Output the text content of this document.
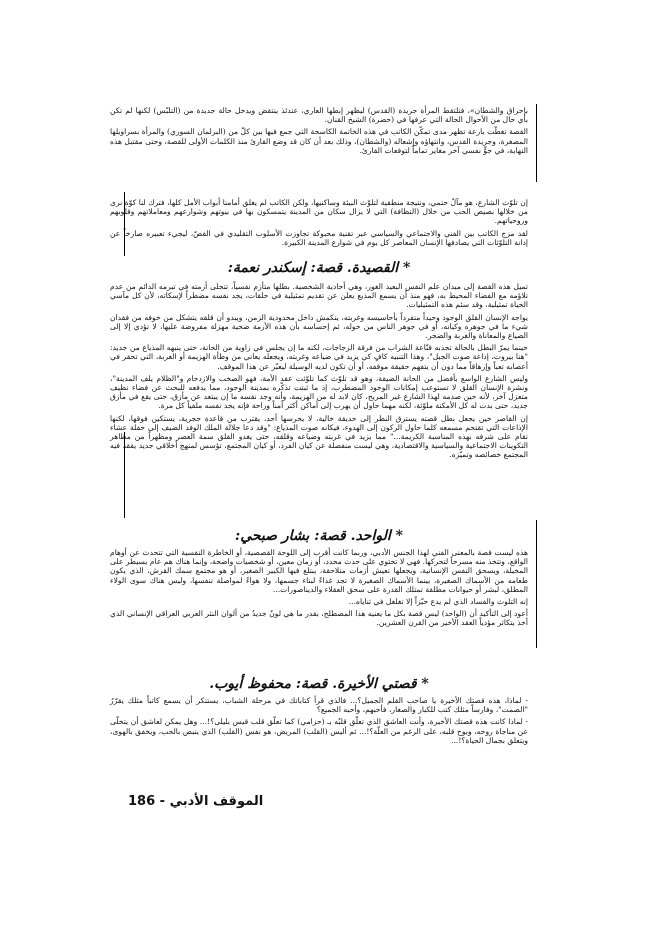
بإحراق والشطان»، فتلتقط المرأة جريدة (القدس) ليظهر إبطها العاري، عندئذ ينتقض ويدخل حالة جديدة من (التلبّس) لكنها لم تكن بأي حال من الأحوال الحالة التي عرفها في (حضرة) الشيخ القنان.

القصة تغطّت بارعة تظهر مدى تمكّن الكاتب في هذه الخاتمة الكاسحة التي جمع فيها بين كلّ من (البرلمان السوري) والمرأة بسراويلها المصغرة، وجريدة القدس، وانتهاؤه وإشعاله (والشطان)، وذلك بعد أن كان قد وضع القارئ منذ الكلمات الأولى للقصة، وحتى مقتبل هذه النهاية، في جوٍّ نفسي آخر مغاير تماماً لتوقعات القارئ.

إن تلوّث الشارع، هو مآلٌ حتمي، ونتيجة منطقية لتلوّث البيئة وساكنيها، ولكن الكاتب لم يغلق أمامنا أبواب الأمل كلها، فترك لنا كوّة نرى من خلالها بصيص الحب من خلال (النظافة) التي لا يزال سكان من المدينة يتمسكون بها في بيوتهم وشوارعهم ومعاملاتهم وقلوبهم وروحياتهم.

لقد مزج الكاتب بين الفني والاجتماعي والسياسي عبر تقنية محبوكة تجاوزت الأسلوب التقليدي في القصّ، ليجيء تعبيره صارخاً عن إدانة التلوّثات التي يصادفها الإنسان المعاصر كل يوم في شوارع المدينة الكبيرة.

* القصيدة. قصة: إسكندر نعمة:

تميل هذه القصة إلى ميدان علم النفس البعيد الغور، وهي أحادية الشخصية. بطلها متأزم نفسياً، تتجلى أزمته في تبرمه الدائم من عدم تلاؤمه مع الفضاء المحيط به، فهو منذ أن يسمع المذيع يعلن عن تقديم تمثيلية في حلقات، يجد نفسه مضطراً لإسكاته، لأن كل مآسي الحياة تمثيلية، وقد سئم هذه التمثيليات.

يواجه الإنسان القلق الوجود وحيداً متفرداً بأحاسيسه وغربته، ينكمش داخل محدودية الزمن، ويبدو أن قلقه يتشكل من خوفه من فقدان شيء ما في جوهره وكيانه، أو في جوهر الناس من حوله، ثم إحساسه بأن هذه الأزمة ضحية مهزلة مفروضة عليها، لا تؤدي إلا إلى الضياع والمعاناة والغربة والضجر.

حينما يمرّ البطل بالحالة تجذبه قنّاعة الشراب من فرقة الزجاجات، لكنه ما إن يجلس في زاوية من الحانة، حتى ينبهه المذياع من جديد: "هنا بيروت، إذاعة صوت الجبل"، وهذا التنبيه كافٍ كي يزيد في ضياعه وغربته، ويجعله يعاني من وطأة الهزيمة أو الغربة، التي تحفر في أعصابه تعباً وإرهاقاً مما دون أن يتفهم حقيقة موقفه، أو أن تكون لديه الوسيلة ليعبّر عن هذا الموقف.

وليس الشارع الواسع بأفضل من الحانة الضيقة، وهو قد تلوّث كما تلوّثت عقد الأمة، فهو الصخب والازدحام و"الظلام يلف المدينة"، ونشرة الإنسان القلق لا تستوعب إمكانات الوجود المضطرب، إذ ما ثبتت تذكّره بمدينة الوجود، مما يدفعه للبحث عن فضاء نظيف متعزل آخر، لأنه حين صدمه لهذا الشارع غير المريح، كان لابد له من الهزيمة، وأنه وجد نفسه ما إن يبتعد عن مأزق، حتى يقع في مأزق جديد، حتى بدت له كل الأمكنة ملوّثة، لكنه مهما حاول أن يهرب إلى أماكن أكثر أمناً وراحة فإنه يجد نفسه ملفياً كل مرة.

إن القاصر حين يجعل بطل قصته يسترق النظر إلى حديقة خالية، لا يحرسها أحد، يقترب من قاعدة حجرية، يستكين فوقها، لكنها الإذاعات التي تقتحم مسمعه كلما حاول الركون إلى الهدوء، فيكانه صوت المذياع: "وقد دعا جلالة الملك الوفد الضيف إلى حفلة عشاء تقام على شرفه بهذه المناسبة الكريمة..." مما يزيد في غربته وضياعه وقلقه، حتى يغدو القلق سمة العصر ومظهراً من مظاهر التكوينات الاجتماعية والسياسية والاقتصادية، وهي ليست منفصلة عن كيان الفرد، أو كيان المجتمع، تؤسس لمنهج أخلاقي جديد يفقد فيه المجتمع خصائصه وتميّزه.

* الواحد. قصة: بشار صبحي:

هذه ليست قصة بالمعنى الفني لهذا الجنس الأدبي، وربما كانت أقرب إلى اللوحة القصصية، أو الخاطرة النفسية التي تتحدث عن أوهام الواقع، وتتخذ منه مسرحاً لتحركها. فهي لا تحتوي على حدث محدد، أو زمان معين، أو شخصيات واضحة، وإنما هناك هم عام يسيطر على المخيلة، ويسحق النفس الإنسانية، ويجعلها تعيش أزمات متلاحقة، يبتلع فيها الكبير الصغير، أو هو مجتمع سمك القرش، الذي يكون طعامه من الأسماك الصغيرة، بينما الأسماك الصغيرة لا تجد غذاءً لبناء جسمها، ولا هواءً لمواصلة تنفسها، وليس هناك سوى الولاء المطلق، لبشر أو حيوانات مطلقة تمتلك القدرة على سحق العقلاء والديناصورات...

إنه التلوث والفساد الذي لم يدع حيّزاً إلا تغلغل في ثناياه...

أعود إلى التأكيد أن (الواحد) ليس قصة بكل ما يعنيه هذا المصطلح، بقدر ما هي لونٌ جديدٌ من ألوان النثر العربي العراقي الإنساني الذي أخذ يتكاثر مؤدياً العقد الأخير من القرن العشرين.

* قصتي الأخيرة. قصة: محفوظ أيوب.

- لماذا، هذه قصتك الأخيرة يا صاحب القلم الجميل؟... فالذي قرأ كتاباتك في مرحلة الشباب، يستنكر أن يسمع كاتباً مثلك يقرّرُ "الصمت"، وفارساً مثلك كتب للكبار والصغار، فأحبهم، وأحبه الجميع؟

- لماذا كانت هذه قصتك الأخيرة، وأنت العاشق الذي تعلّق قلبُه بـ (حزامي) كما تعلّق قلب قيس بليلى؟!... وهل يمكن لعاشق أن يتخلّى عن مناجاة روحه، وبوح قلبه، على الرغم من العلّة؟!... ثم أليس (القلب) المريض، هو نفس (القلب) الذي ينبض بالحب، ويخفق بالهوى، ويتعلق بجمال الحياة؟!...

الموقف الأدبي - 186
